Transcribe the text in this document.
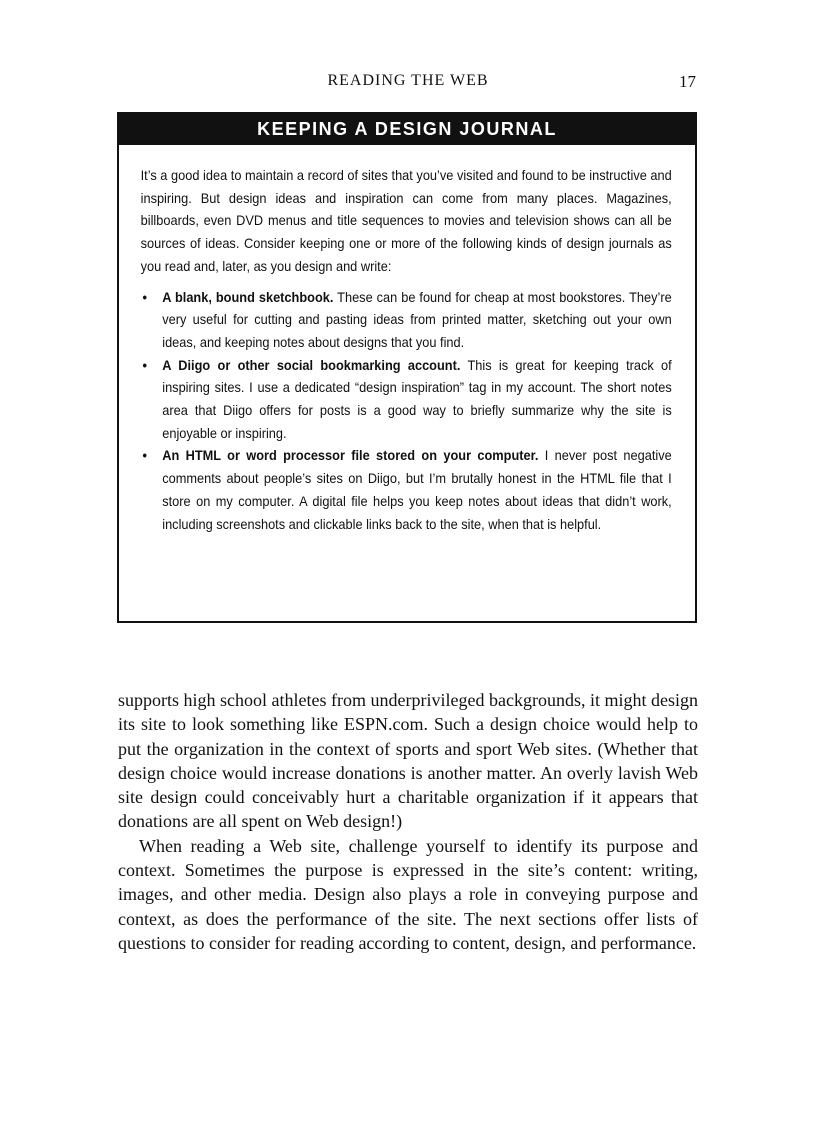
READING THE WEB	17
KEEPING A DESIGN JOURNAL

It’s a good idea to maintain a record of sites that you’ve visited and found to be instructive and inspiring. But design ideas and inspiration can come from many places. Magazines, billboards, even DVD menus and title sequences to movies and television shows can all be sources of ideas. Consider keeping one or more of the following kinds of design journals as you read and, later, as you design and write:

• A blank, bound sketchbook. These can be found for cheap at most bookstores. They’re very useful for cutting and pasting ideas from printed matter, sketching out your own ideas, and keeping notes about designs that you find.
• A Diigo or other social bookmarking account. This is great for keeping track of inspiring sites. I use a dedicated “design inspiration” tag in my account. The short notes area that Diigo offers for posts is a good way to briefly summarize why the site is enjoyable or inspiring.
• An HTML or word processor file stored on your computer. I never post negative comments about people’s sites on Diigo, but I’m brutally honest in the HTML file that I store on my computer. A digital file helps you keep notes about ideas that didn’t work, including screenshots and clickable links back to the site, when that is helpful.

supports high school athletes from underprivileged backgrounds, it might design its site to look something like ESPN.com. Such a design choice would help to put the organization in the context of sports and sport Web sites. (Whether that design choice would increase donations is another matter. An overly lavish Web site design could conceivably hurt a charitable organization if it appears that donations are all spent on Web design!)

When reading a Web site, challenge yourself to identify its purpose and context. Sometimes the purpose is expressed in the site’s content: writing, images, and other media. Design also plays a role in conveying purpose and context, as does the performance of the site. The next sections offer lists of questions to consider for reading according to content, design, and performance.
